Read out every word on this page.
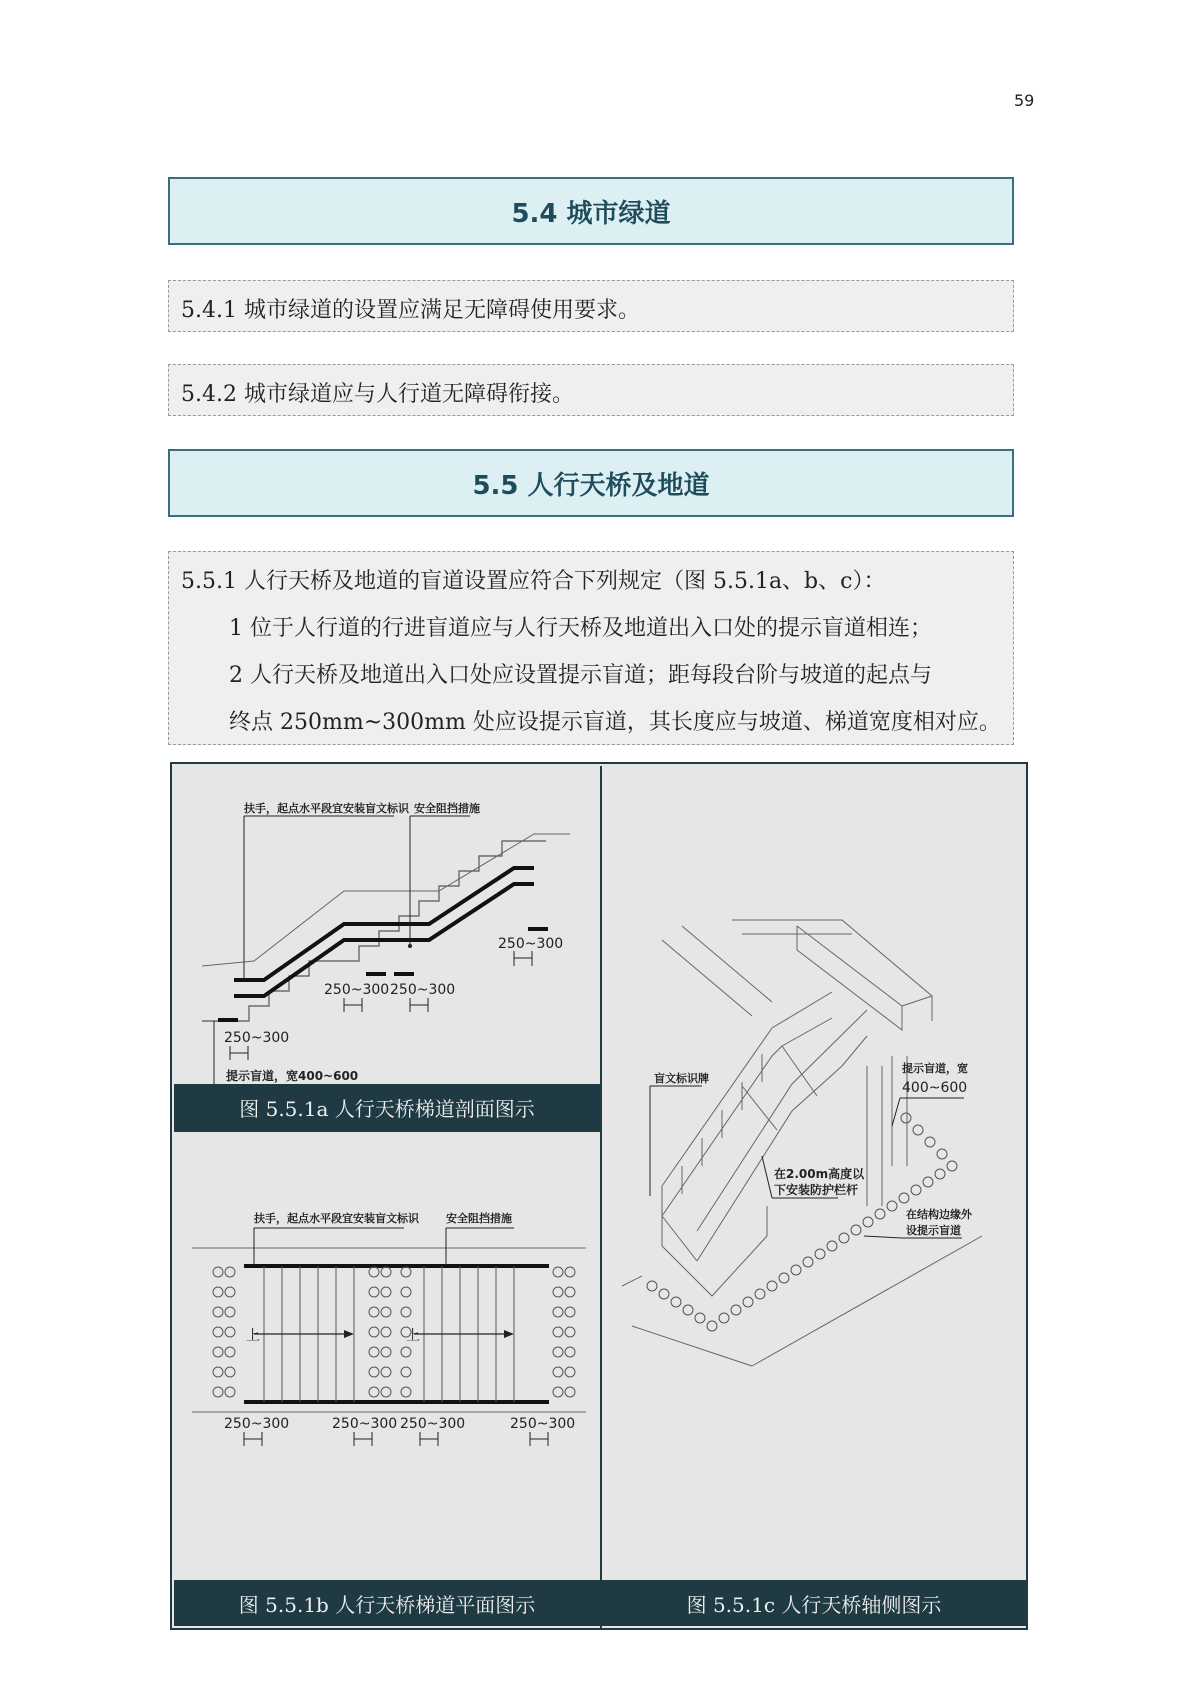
59
5.4 城市绿道
5.4.1 城市绿道的设置应满足无障碍使用要求。
5.4.2 城市绿道应与人行道无障碍衔接。
5.5 人行天桥及地道
5.5.1 人行天桥及地道的盲道设置应符合下列规定（图 5.5.1a、b、c）：
1 位于人行道的行进盲道应与人行天桥及地道出入口处的提示盲道相连；
2 人行天桥及地道出入口处应设置提示盲道；距每段台阶与坡道的起点与
终点 250mm~300mm 处应设提示盲道，其长度应与坡道、梯道宽度相对应。
扶手，起点水平段宜安装盲文标识 安全阻挡措施
250~300 250~300
250~300
250~300
提示盲道，宽400~600
图 5.5.1a 人行天桥梯道剖面图示
扶手，起点水平段宜安装盲文标识 安全阻挡措施
上	上
250~300	250~300 250~300	250~300
图 5.5.1b 人行天桥梯道平面图示
盲文标识牌
提示盲道，宽
400~600
在2.00m高度以
下安装防护栏杆
在结构边缘外
设提示盲道
图 5.5.1c 人行天桥轴侧图示
